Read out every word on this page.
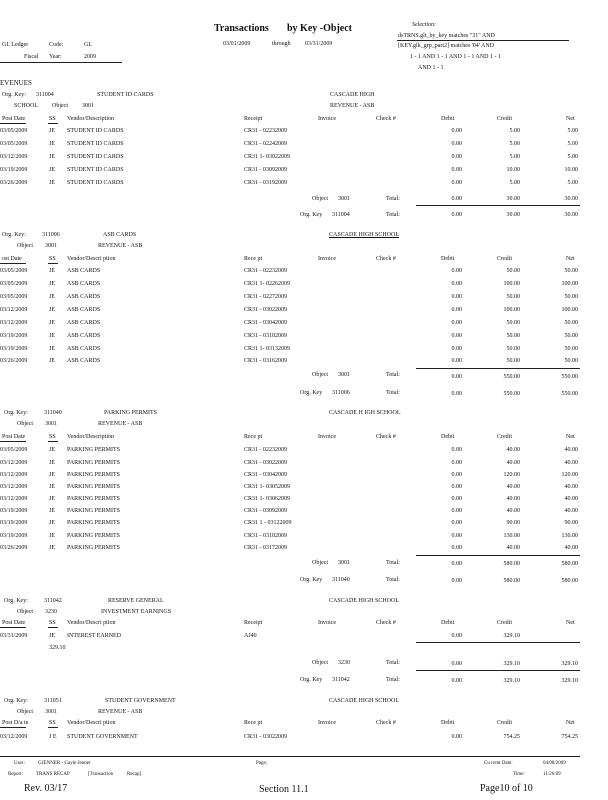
Transactions by Key -Object
GL Ledger	Code:	GL
Fiscal Year:	2009
03/01/2009	through 03/31/2009
Selection:
dsTRNS.glt_by_key matches "31" AND
[KEY.glk_grp_part2] matches '04' AND
1 - 1 AND 1 - 1 AND 1 - 1 AND 1 - 1
AND 1 - 1
EVENUES
Org. Key: 311004	STUDENT ID CARDS	CASCADE HIGH
SCHOOL Object 3001	REVENUE - ASB
Post Date	SS Vendor/Description	Receipt	Invoice	Check #	Debit	Credit	Net
03/05/2009	JE STUDENT ID CARDS	CR31 - 02232009	0.00	5.00	5.00
03/05/2009	JE STUDENT ID CARDS	CR31 - 02242009	0.00	5.00	5.00
03/12/2009	JE STUDENT ID CARDS	CR31 1- 03022009	0.00	5.00	5.00
03/19/2009	JE STUDENT ID CARDS	CR31 - 03092009	0.00	10.00	10.00
03/26/2009	JE STUDENT ID CARDS	CR31 - 03192009	0.00	5.00	5.00
Object 3001	Total:	0.00	30.00	30.00
Org. Key 311004	Total:	0.00	30.00	30.00
Org. Key:	311006	ASB CARDS	CASCADE HIGH SCHOOL
Object 3001	REVENUE - ASB
ost Date	SS Vendor/Descri ption	Rece pt	Invoice	Check #	Debit	Credit	Net
03/05/2009	JE ASB CARDS	CR31 - 02232009	0.00	50.00	50.00
03/05/2009	JE ASB CARDS	CR31 1- 02262009	0.00	100.00	100.00
03/05/2009	JE ASB CARDS	CR31 - 02272009	0.00	50.00	50.00
03/12/2009	JE ASB CARDS	CR31 - 03022009	0.00	100.00	100.00
03/12/2009	JE ASB CARDS	CR31 - 03042009	0.00	50.00	50.00
03/19/2009	JE ASB CARDS	CR31 - 03102009	0.00	50.00	50.00
03/19/2009	JE ASB CARDS	CR31 1- 03132009	0.00	50.00	50.00
03/26/2009	JE ASB CARDS	CR31 - 03162009	0.00	50.00	50.00
Object 3001	Total:	0.00	550.00	550.00
Org. Key 311006	Total:	0.00	550.00	550.00
Org. Key:	311040	PARKING PERMITS	CASCADE H IGH SCHOOL
Object 3001	REVENUE - ASB
Post Date	SS Vendor/Description	Rece pt	Invoice	Check #	Debit	Credit	Net
03/05/2009	JE PARKING PERMITS	CR31 - 02232009	0.00	40.00	40.00
03/12/2009	JE PARKING PERMITS	CR31 - 03022009	0.00	40.00	40.00
03/12/2009	JE PARKING PERMITS	CR31 - 03042009	0.00	120.00	120.00
03/12/2009	JE PARKING PERMITS	CR31 1- 03052009	0.00	40.00	40.00
03/12/2009	JE PARKING PERMITS	CR31 1- 03062009	0.00	40.00	40.00
03/19/2009	JE PARKING PERMITS	CR31 - 03092009	0.00	40.00	40.00
03/19/2009	JE PARKING PERMITS	CR31 1 - 03122009	0.00	90.00	90.00
03/19/2009	JE PARKING PERMITS	CR31 - 03102009	0.00	130.00	130.00
03/26/2009	JE PARKING PERMITS	CR31 - 03172009	0.00	40.00	40.00
Object 3001	Total:	0.00	580.00	580.00
Org. Key 311040	Total:	0.00	580.00	580.00
Org. Key:	311042	RESERVE GENERAL	CASCADE HIGH SCHOOL
Object 3230	INVESTMENT EARNINGS
Post Date	SS Vendor/Descri ption	Receipt	Invoice	Check #	Debit	Credit	Net
03/31/2009	JE INTEREST EARNED	AJ40	0.00	329.10
329.10
Object 3230	Total:	0.00	329.10	329.10
Org. Key 311042	Total:	0.00	329.10	329.10
Org. Key:	311051	STUDENT GOVERNMENT	CASCADE HIGH SCHOOL
Object 3001	REVENUE - ASB
Post D/a te	SS Vendor/Descri ption	Rece pt	Invoice	Check #	Debit	Credit	Net
03/12/2009	J E STUDENT GOVERNMENT	CR31 - 03022009	0.00	754.25	754.25
User:	GJENNER - Gayle Jenner	Page:	Cu rrent Date:	04/08/2009
Report:	TRANS RECAP	[Transaction	Recap]	Time:	11:26:09
Rev. 03/17	Section 11.1	Page10 of 10
